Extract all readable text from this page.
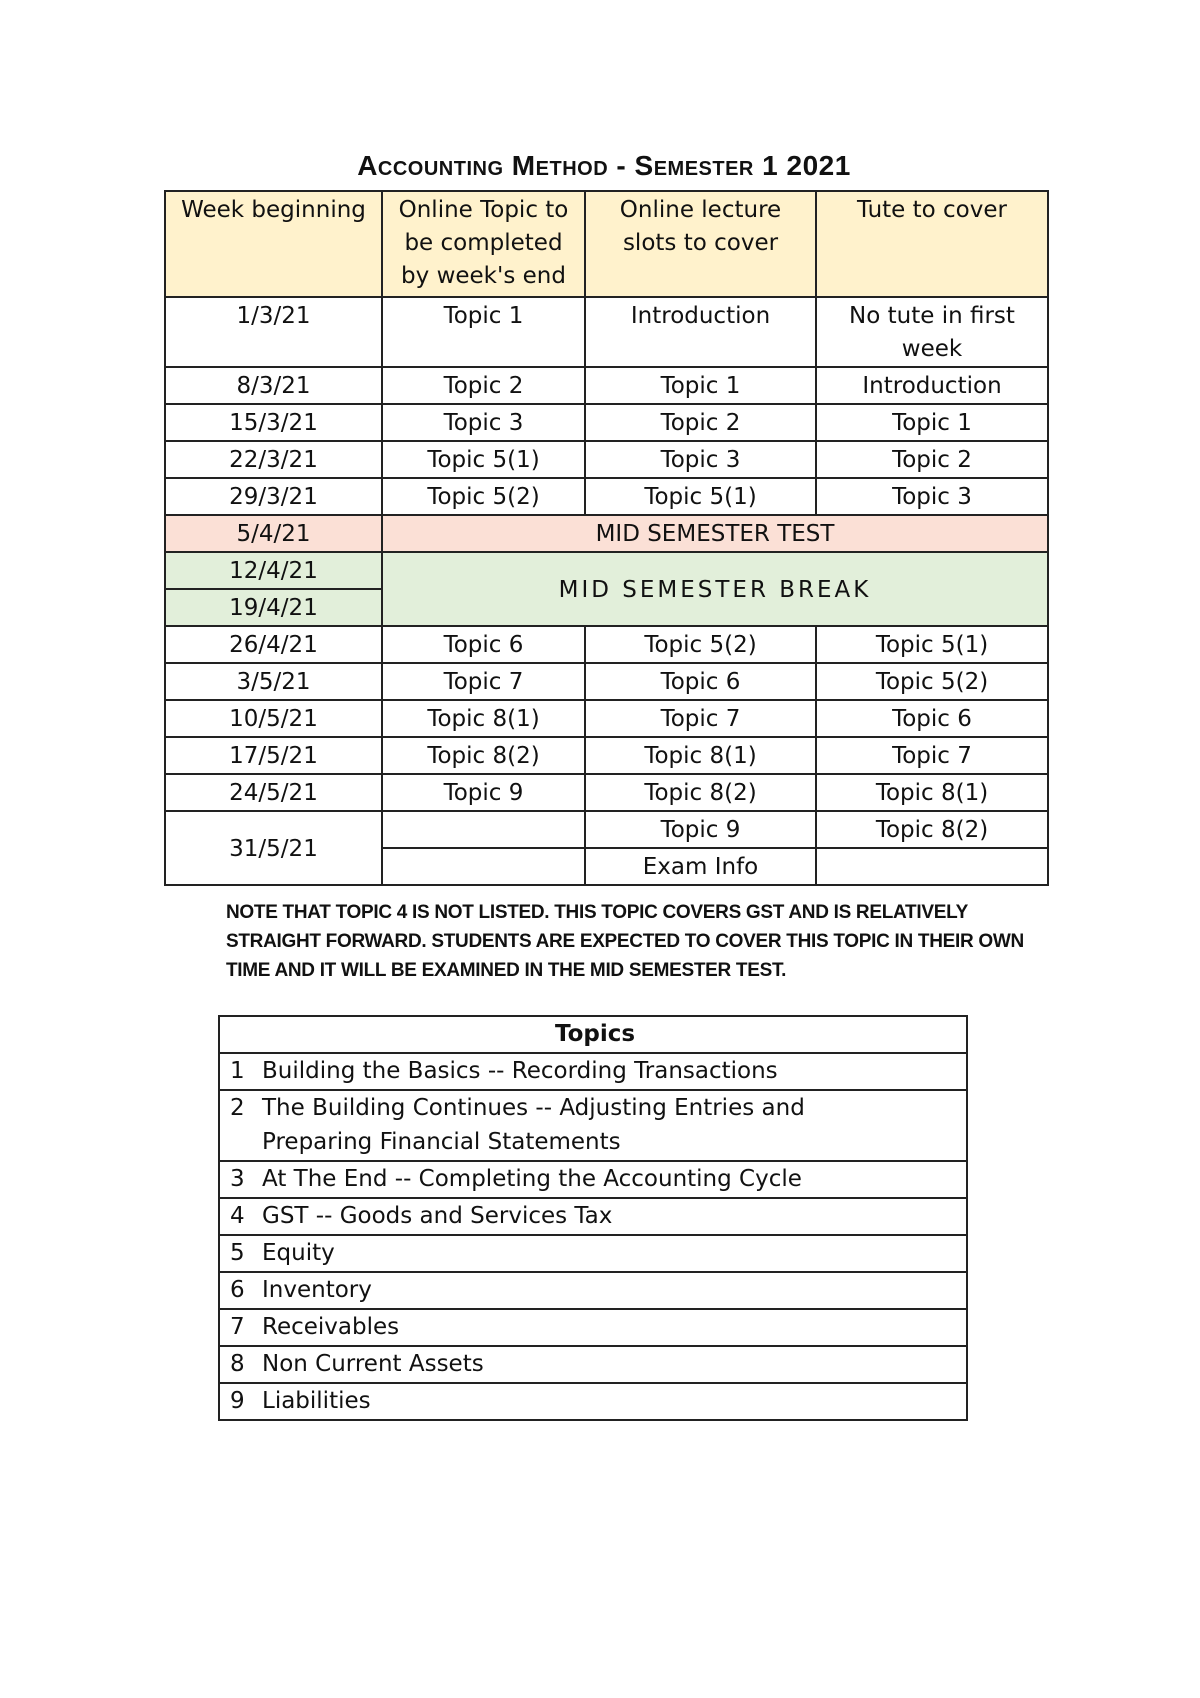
Accounting Method - Semester 1 2021
Week beginning	Online Topic to be completed by week's end	Online lecture slots to cover	Tute to cover
1/3/21	Topic 1	Introduction	No tute in first week
8/3/21	Topic 2	Topic 1	Introduction
15/3/21	Topic 3	Topic 2	Topic 1
22/3/21	Topic 5(1)	Topic 3	Topic 2
29/3/21	Topic 5(2)	Topic 5(1)	Topic 3
5/4/21	MID SEMESTER TEST		
12/4/21	MID SEMESTER BREAK		
19/4/21			
26/4/21	Topic 6	Topic 5(2)	Topic 5(1)
3/5/21	Topic 7	Topic 6	Topic 5(2)
10/5/21	Topic 8(1)	Topic 7	Topic 6
17/5/21	Topic 8(2)	Topic 8(1)	Topic 7
24/5/21	Topic 9	Topic 8(2)	Topic 8(1)
31/5/21		Topic 9	Topic 8(2)
		Exam Info	

NOTE THAT TOPIC 4 IS NOT LISTED. THIS TOPIC COVERS GST AND IS RELATIVELY STRAIGHT FORWARD. STUDENTS ARE EXPECTED TO COVER THIS TOPIC IN THEIR OWN TIME AND IT WILL BE EXAMINED IN THE MID SEMESTER TEST.

Topics
1 Building the Basics -- Recording Transactions
2 The Building Continues -- Adjusting Entries and Preparing Financial Statements
3 At The End -- Completing the Accounting Cycle
4 GST -- Goods and Services Tax
5 Equity
6 Inventory
7 Receivables
8 Non Current Assets
9 Liabilities
